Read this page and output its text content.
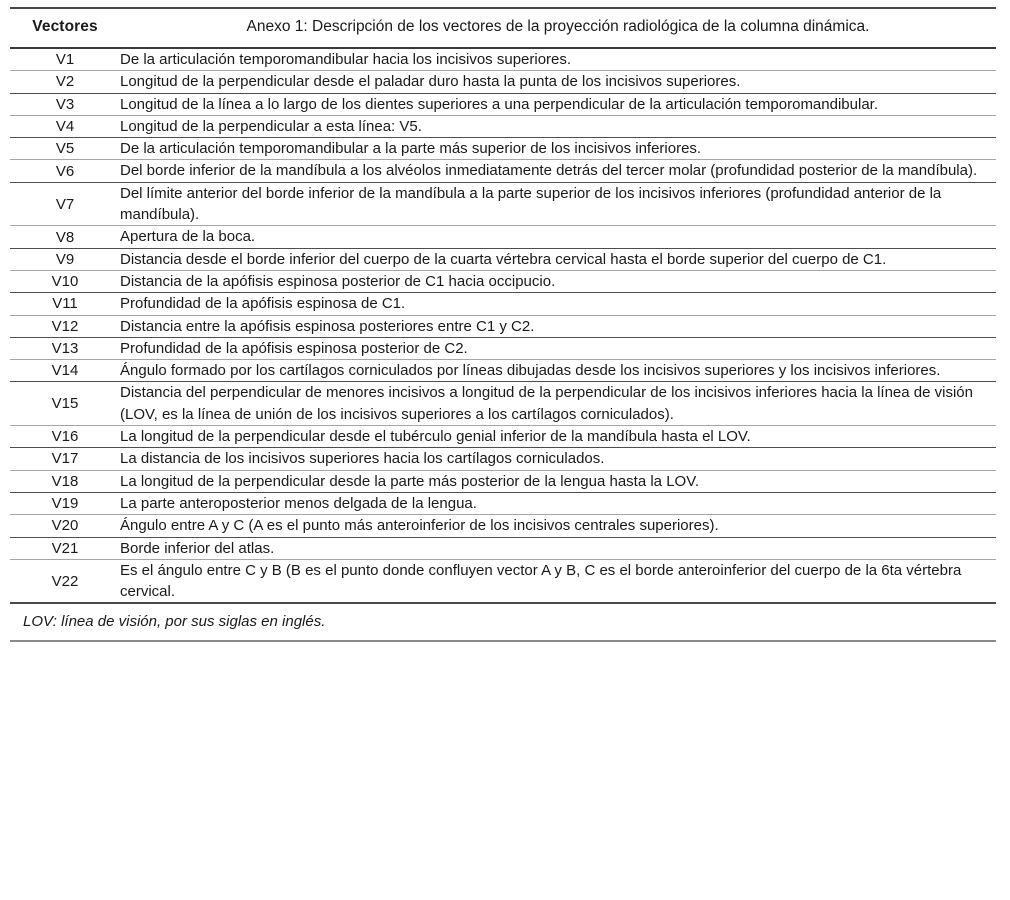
Vectores	Anexo 1: Descripción de los vectores de la proyección radiológica de la columna dinámica.
V1	De la articulación temporomandibular hacia los incisivos superiores.
V2	Longitud de la perpendicular desde el paladar duro hasta la punta de los incisivos superiores.
V3	Longitud de la línea a lo largo de los dientes superiores a una perpendicular de la articulación temporomandibular.
V4	Longitud de la perpendicular a esta línea: V5.
V5	De la articulación temporomandibular a la parte más superior de los incisivos inferiores.
V6	Del borde inferior de la mandíbula a los alvéolos inmediatamente detrás del tercer molar (profundidad posterior de la mandíbula).
V7	Del límite anterior del borde inferior de la mandíbula a la parte superior de los incisivos inferiores (profundidad anterior de la mandíbula).
V8	Apertura de la boca.
V9	Distancia desde el borde inferior del cuerpo de la cuarta vértebra cervical hasta el borde superior del cuerpo de C1.
V10	Distancia de la apófisis espinosa posterior de C1 hacia occipucio.
V11	Profundidad de la apófisis espinosa de C1.
V12	Distancia entre la apófisis espinosa posteriores entre C1 y C2.
V13	Profundidad de la apófisis espinosa posterior de C2.
V14	Ángulo formado por los cartílagos corniculados por líneas dibujadas desde los incisivos superiores y los incisivos inferiores.
V15	Distancia del perpendicular de menores incisivos a longitud de la perpendicular de los incisivos inferiores hacia la línea de visión (LOV, es la línea de unión de los incisivos superiores a los cartílagos corniculados).
V16	La longitud de la perpendicular desde el tubérculo genial inferior de la mandíbula hasta el LOV.
V17	La distancia de los incisivos superiores hacia los cartílagos corniculados.
V18	La longitud de la perpendicular desde la parte más posterior de la lengua hasta la LOV.
V19	La parte anteroposterior menos delgada de la lengua.
V20	Ángulo entre A y C (A es el punto más anteroinferior de los incisivos centrales superiores).
V21	Borde inferior del atlas.
V22	Es el ángulo entre C y B (B es el punto donde confluyen vector A y B, C es el borde anteroinferior del cuerpo de la 6ta vértebra cervical.
LOV: línea de visión, por sus siglas en inglés.	
